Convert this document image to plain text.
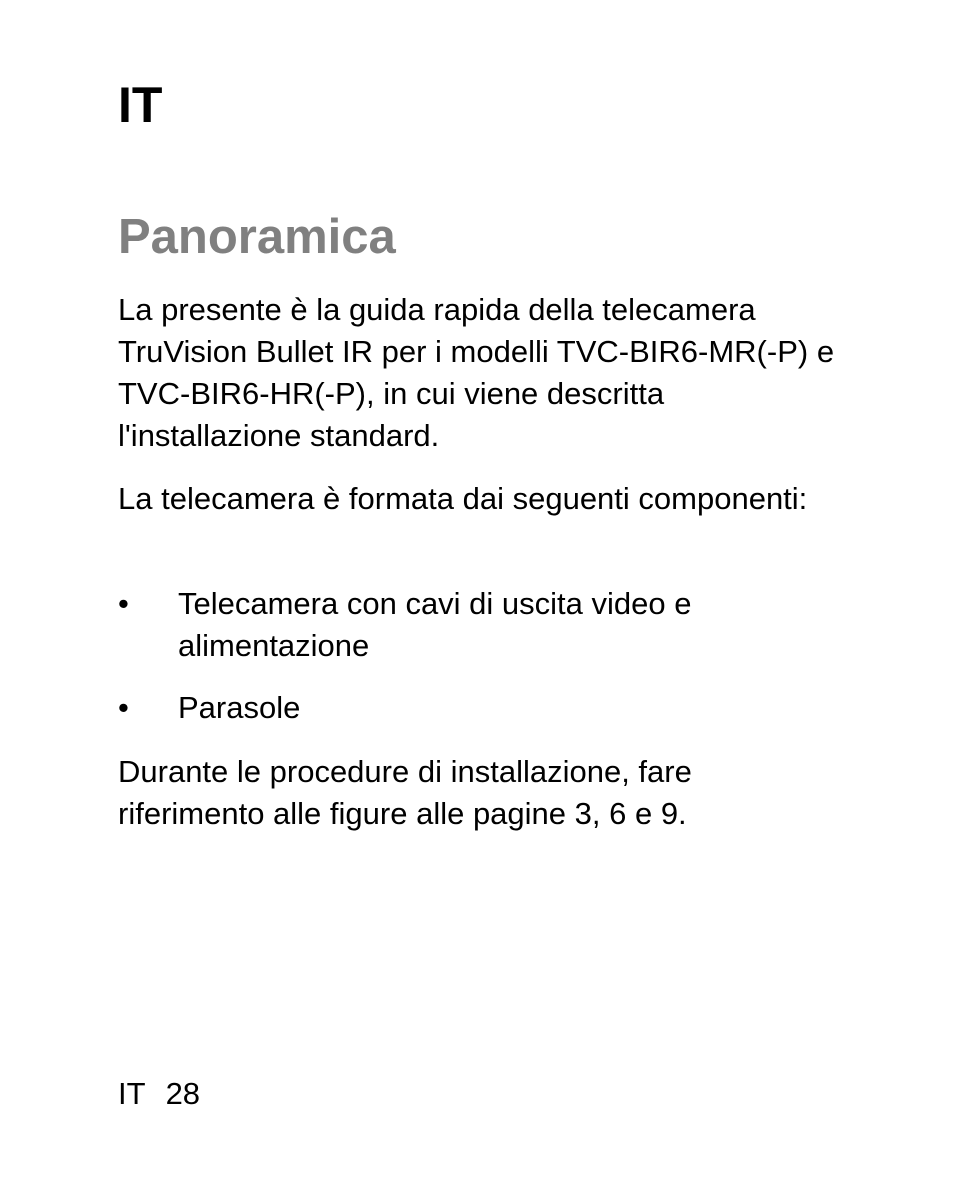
IT
Panoramica

La presente è la guida rapida della telecamera TruVision Bullet IR per i modelli TVC-BIR6-MR(-P) e TVC-BIR6-HR(-P), in cui viene descritta l'installazione standard.

La telecamera è formata dai seguenti componenti:

• Telecamera con cavi di uscita video e alimentazione
• Parasole

Durante le procedure di installazione, fare riferimento alle figure alle pagine 3, 6 e 9.

IT 28
